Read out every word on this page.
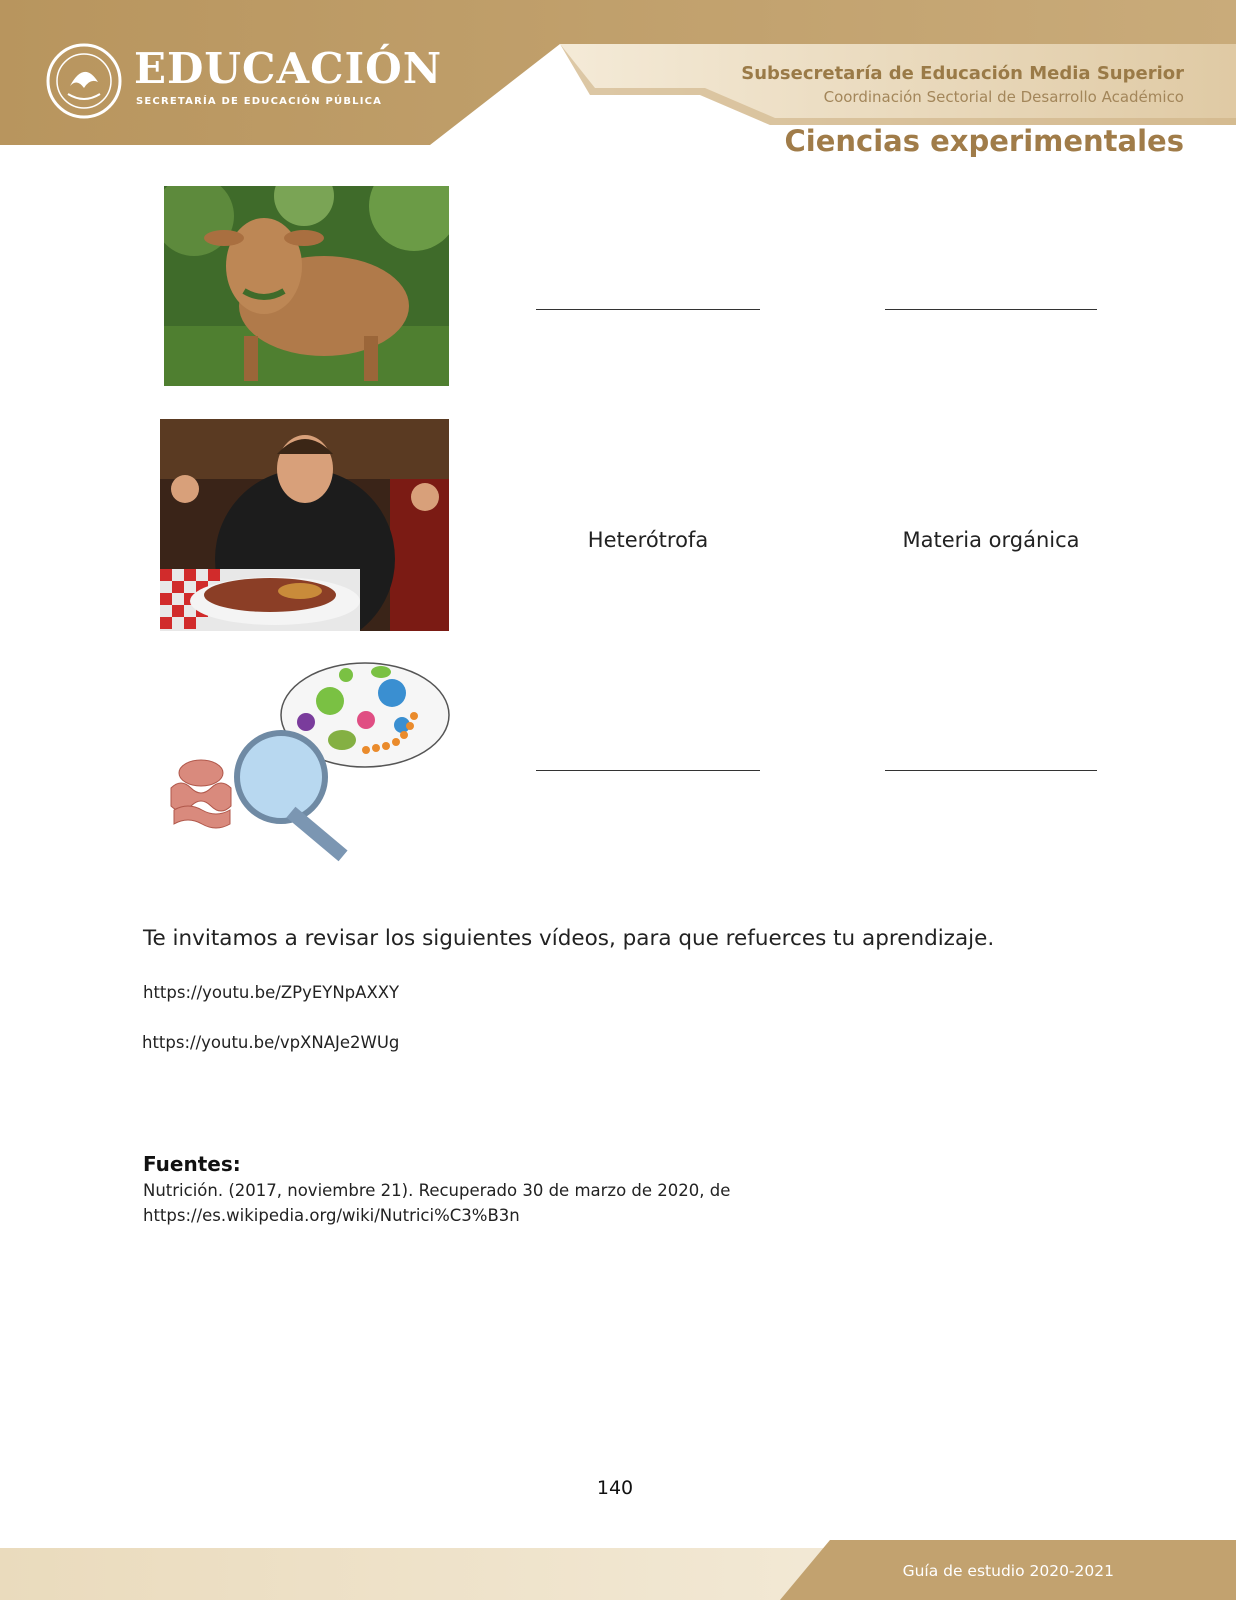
EDUCACIÓN
SECRETARÍA DE EDUCACIÓN PÚBLICA
Subsecretaría de Educación Media Superior
Coordinación Sectorial de Desarrollo Académico
Ciencias experimentales
Heterótrofa	Materia orgánica
Te invitamos a revisar los siguientes vídeos, para que refuerces tu aprendizaje.
https://youtu.be/ZPyEYNpAXXY
https://youtu.be/vpXNAJe2WUg
Fuentes:
Nutrición. (2017, noviembre 21). Recuperado 30 de marzo de 2020, de
https://es.wikipedia.org/wiki/Nutrici%C3%B3n
140
Guía de estudio 2020-2021
